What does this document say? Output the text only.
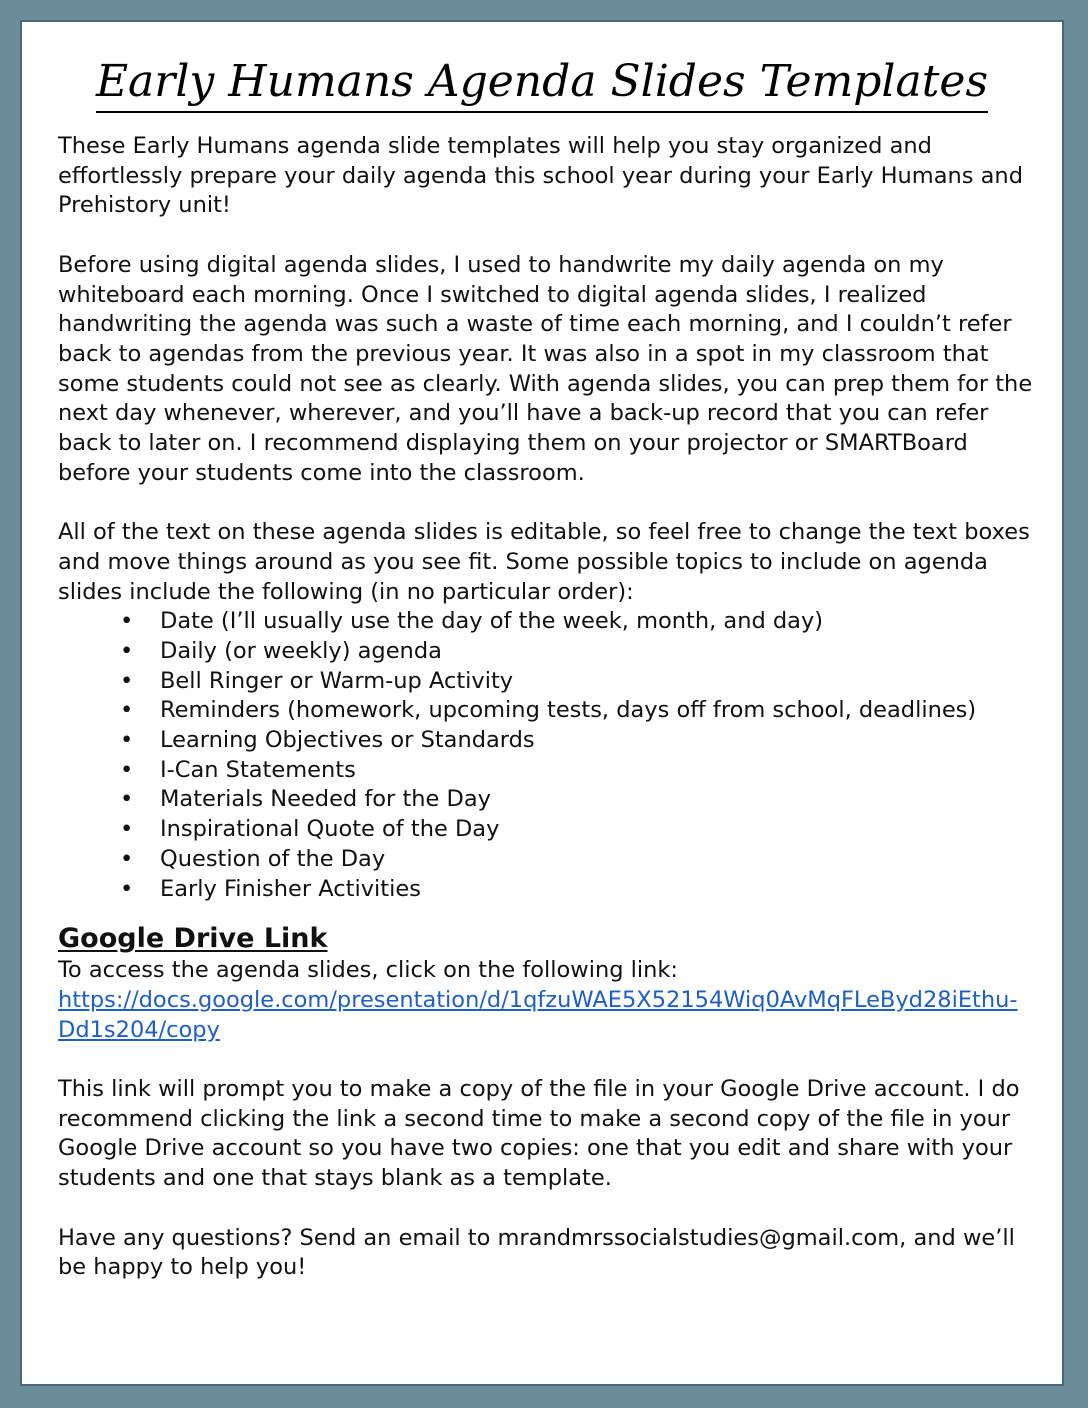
Early Humans Agenda Slides Templates

These Early Humans agenda slide templates will help you stay organized and effortlessly prepare your daily agenda this school year during your Early Humans and Prehistory unit!

Before using digital agenda slides, I used to handwrite my daily agenda on my whiteboard each morning. Once I switched to digital agenda slides, I realized handwriting the agenda was such a waste of time each morning, and I couldn’t refer back to agendas from the previous year. It was also in a spot in my classroom that some students could not see as clearly. With agenda slides, you can prep them for the next day whenever, wherever, and you’ll have a back-up record that you can refer back to later on. I recommend displaying them on your projector or SMARTBoard before your students come into the classroom.

All of the text on these agenda slides is editable, so feel free to change the text boxes and move things around as you see fit. Some possible topics to include on agenda slides include the following (in no particular order):

• Date (I’ll usually use the day of the week, month, and day)
• Daily (or weekly) agenda
• Bell Ringer or Warm-up Activity
• Reminders (homework, upcoming tests, days off from school, deadlines)
• Learning Objectives or Standards
• I-Can Statements
• Materials Needed for the Day
• Inspirational Quote of the Day
• Question of the Day
• Early Finisher Activities
Google Drive Link

To access the agenda slides, click on the following link:

https://docs.google.com/presentation/d/1qfzuWAE5X52154Wiq0AvMqFLeByd28iEthu-Dd1s204/copy

This link will prompt you to make a copy of the file in your Google Drive account. I do recommend clicking the link a second time to make a second copy of the file in your Google Drive account so you have two copies: one that you edit and share with your students and one that stays blank as a template.

Have any questions? Send an email to mrandmrssocialstudies@gmail.com, and we’ll be happy to help you!
